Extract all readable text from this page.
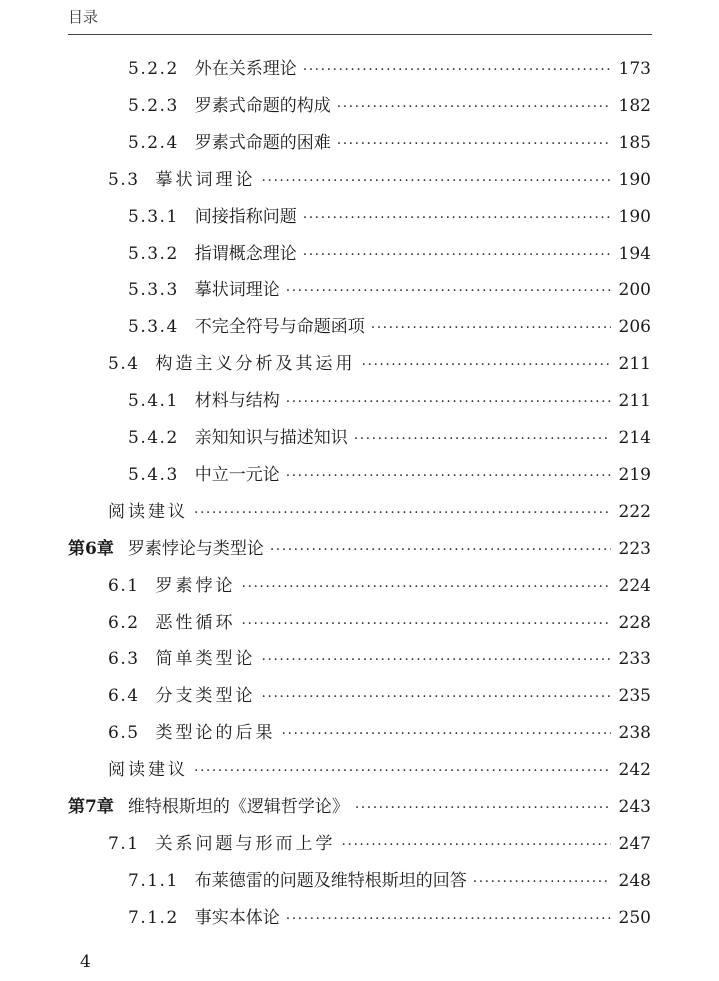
目录
5.2.2 外在关系理论 ·····	173
5.2.3 罗素式命题的构成 ·····	182
5.2.4 罗素式命题的困难 ·····	185
5.3 摹状词理论 ·····	190
5.3.1 间接指称问题 ·····	190
5.3.2 指谓概念理论 ·····	194
5.3.3 摹状词理论 ·····	200
5.3.4 不完全符号与命题函项 ·····	206
5.4 构造主义分析及其运用 ·····	211
5.4.1 材料与结构 ·····	211
5.4.2 亲知知识与描述知识 ·····	214
5.4.3 中立一元论 ·····	219
阅读建议 ·····	222
第6章 罗素悖论与类型论 ·····	223
6.1 罗素悖论 ·····	224
6.2 恶性循环 ·····	228
6.3 简单类型论 ·····	233
6.4 分支类型论 ·····	235
6.5 类型论的后果 ·····	238
阅读建议 ·····	242
第7章 维特根斯坦的《逻辑哲学论》 ·····	243
7.1 关系问题与形而上学 ·····	247
7.1.1 布莱德雷的问题及维特根斯坦的回答 ·····	248
7.1.2 事实本体论 ·····	250
4
